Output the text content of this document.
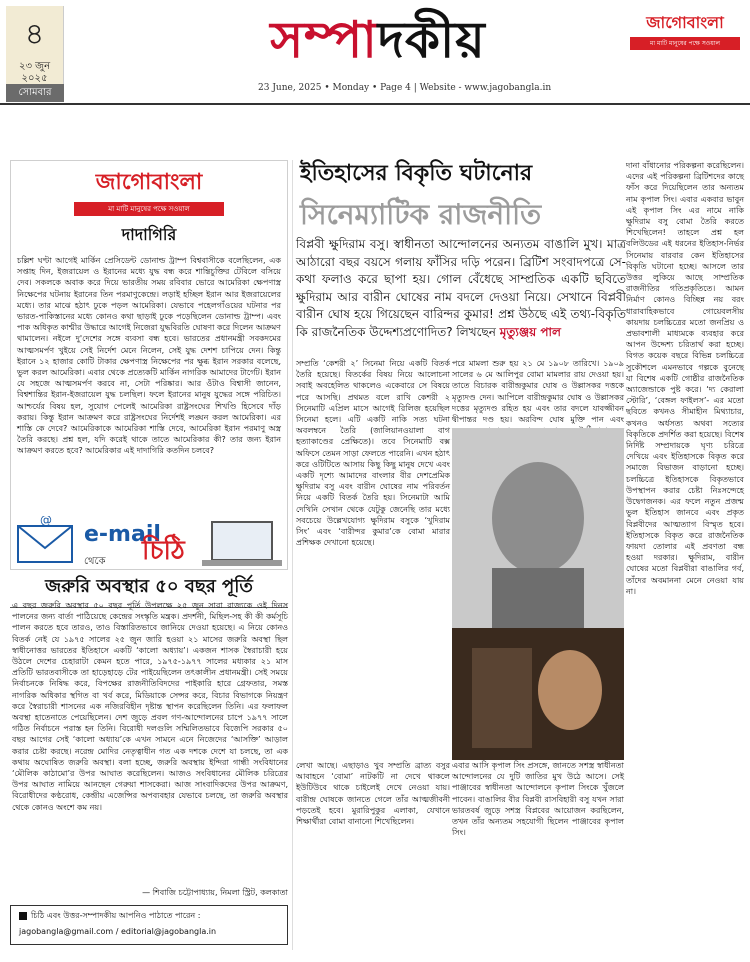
৪
২৩ জুন ২০২৫
সোমবার
সম্পাদকীয়	জাগোবাংলা
মা মাটি মানুষের পক্ষে সওয়াল
23 June, 2025 • Monday • Page 4 | Website - www.jagobangla.in
জাগোবাংলা
মা মাটি মানুষের পক্ষে সওয়াল
দাদাগিরি

চল্লিশ ঘণ্টা আগেই মার্কিন প্রেসিডেন্ট ডোনাল্ড ট্রাম্প বিশ্ববাসীকে বলেছিলেন, এক সপ্তাহ দিন, ইজরায়েল ও ইরানের মধ্যে যুদ্ধ বন্ধ করে শান্তিচুক্তির টেবিলে বসিয়ে দেব। সকলকে অবাক করে দিয়ে ভারতীয় সময় রবিবার ভোরে আমেরিকা ক্ষেপণাস্ত্র নিক্ষেপের ঘটনায় ইরানের তিন পরমাণুকেন্দ্রে। লড়াই হচ্ছিল ইরান আর ইজরায়েলের মধ্যে। তার মাঝে হঠাৎ ঢুকে পড়ল আমেরিকা। যেভাবে পহেলগাঁওয়ের ঘটনার পর ভারত-পাকিস্তানের মধ্যে কোনও কথা ছাড়াই ঢুকে পড়েছিলেন ডোনাল্ড ট্রাম্প। এবং পাক অধিকৃত কাশ্মীর উদ্ধারে আগেই নিজেরা যুদ্ধবিরতি ঘোষণা করে দিলেন আক্রমণ থামালেন। নইলে দু'দেশের সঙ্গে ব্যবসা বন্ধ হবে। ভারতের প্রধানমন্ত্রী সবকদমের আত্মসমর্পণ খুইয়ে সেই নির্দেশ মেনে নিলেন, সেই যুদ্ধ দেশশ চাপিয়ে দেন। কিন্তু ইরানে ১২ হাজার কোটি টাকার ক্ষেপণাস্ত্র নিক্ষেপের পর ক্ষুব্ধ ইরান সরকার বলেছে, ভুল করল আমেরিকা। এবার থেকে প্রত্যেকটি মার্কিন নাগরিক আমাদের টার্গেট। ইরান যে সহজে আত্মসমর্পণ করবে না, সেটা পরিষ্কার। আর ওঁটাও বিশ্বাসী জানেন, বিশ্বশান্তির ইরান-ইজরায়েল যুদ্ধ চলছিল। ফলে ইরানের মানুষ যুদ্ধের সঙ্গে পরিচিত। আশ্চর্যের বিষয় হল, সুযোগ পেলেই আমেরিকা রাষ্ট্রসংঘের শিখণ্ডি হিসেবে দাঁড় করায়। কিন্তু ইরান আক্রমণ করে রাষ্ট্রসংঘের নির্দেশই লঙ্ঘন করল আমেরিকা। এর শাস্তি কে দেবে? আমেরিকাকে আমেরিকা শাস্তি দেবে, আমেরিকা ইরান পরমাণু অস্ত্র তৈরি করছে। প্রশ্ন হল, যদি করেই থাকে তাতে আমেরিকার কী? তার জন্য ইরান আক্রমণ করতে হবে? আমেরিকার এই দাদাগিরি কতদিন চলবে?

@
e-mail
থেকে চিঠি
জরুরি অবস্থার ৫০ বছর পূর্তি

এ বছর জরুরি অবস্থার ৫০ বছর পূর্তি উপলক্ষে ২৫ জুন সারা রাজ্যকে ওই দিনস পালনের জন্য বার্তা পাঠিয়েছে কেন্দ্রের সংস্কৃতি মন্ত্রক। প্রদর্শনী, মিছিল-সহ কী কী কর্মসূচি পালন করতে হবে তারও, তাও বিস্তারিতভাবে জানিয়ে দেওয়া হয়েছে। এ নিয়ে কোনও বিতর্ক নেই যে ১৯৭৫ সালের ২৫ জুন জারি হওয়া ২১ মাসের জরুরি অবস্থা ছিল স্বাধীনোত্তর ভারতের ইতিহাসে একটি ‘কালো অধ্যায়’। একজন শাসক স্বৈরাচারী হয়ে উঠলে দেশের চেহারাটা কেমন হতে পারে, ১৯৭৫-১৯৭৭ সালের মধ্যকার ২১ মাস প্রতিটি ভারতবাসীকে তা হাড়েহাড়ে টের পাইয়েছিলেন তৎকালীন প্রধানমন্ত্রী। সেই সময়ে নির্বাচনকে নিষিদ্ধ করে, বিপক্ষের রাজনীতিবিদদের পাইকারি হারে গ্রেফতার, সমস্ত নাগরিক অধিকার স্থগিত বা খর্ব করে, মিডিয়াকে সেন্সর করে, বিচার বিভাগকে নিয়ন্ত্রণ করে স্বৈরাচারী শাসনের এক নজিরবিহীন দৃষ্টান্ত স্থাপন করেছিলেন তিনি। এর ফলাফল অবস্থা হাতেনাতে পেয়েছিলেন। দেশ জুড়ে প্রবল গণ-আন্দোলনের চাপে ১৯৭৭ সালে গঠিত নির্বাচনে পরাস্ত হন তিনি। বিরোধী দলগুলি সম্মিলিতভাবে বিজেপি সরকার ৫০ বছর আগের সেই ‘কালো অধ্যায়’কে এখন সামনে এনে নিজেদের ‘আসক্তি’ আড়াল করার চেষ্টা করছে। নরেন্দ্র মোদির নেতৃত্বাধীন গত এক দশকে দেশে যা চলছে, তা এক কথায় অঘোষিত জরুরি অবস্থা। বলা হচ্ছে, জরুরি অবস্থায় ইন্দিরা গান্ধী সংবিধানের ‘মৌলিক কাঠামো’র উপর আঘাত করেছিলেন। আজও সংবিধানের মৌলিক চরিত্রের উপর আঘাত নামিয়ে আনছেন গেরুয়া শাসকেরা। আজ সাংবাদিকদের উপর আক্রমণ, বিরোধীদের কণ্ঠরোধ, কেন্দ্রীয় এজেন্সির অপব্যবহার যেভাবে চলছে, তা জরুরি অবস্থার থেকে কোনও অংশে কম নয়।

— শিবাজি চট্টোপাধ্যায়, নিমলা স্ট্রিট, কলকাতা
চিঠি এবং উত্তর-সম্পাদকীয় আপনিও পাঠাতে পারেন :
jagobangla@gmail.com / editorial@jagobangla.in
ইতিহাসের বিকৃতি ঘটানোর
সিনেম্যাটিক রাজনীতি

বিপ্লবী ক্ষুদিরাম বসু। স্বাধীনতা আন্দোলনের অন্যতম বাঙালি মুখ। মাত্র আঠারো বছর বয়সে গলায় ফাঁসির দড়ি পরেন। ব্রিটিশ সংবাদপত্রে সে-কথা ফলাও করে ছাপা হয়। গোল বেঁধেছে সাম্প্রতিক একটি ছবিতে ক্ষুদিরাম আর বারীন ঘোষের নাম বদলে দেওয়া নিয়ে। সেখানে বিপ্লবী বারীন ঘোষ হয়ে গিয়েছেন বারিন্দর কুমার! প্রশ্ন উঠছে এই তথ্য-বিকৃতি কি রাজনৈতিক উদ্দেশ্যপ্রণোদিত? লিখছেন মৃত্যুঞ্জয় পাল

সম্প্রতি ‘কেশরী ২’ সিনেমা নিয়ে একটি বিতর্ক তৈরি হয়েছে। বিতর্কের বিষয় নিয়ে আলোচনা সবাই অবহেলিত থাকলেও একেবারে সে বিষয়ে পরে আসছি। প্রথমত বলে রাখি কেশরী ২ সিনেমাটি এপ্রিল মাসে আগেই রিলিজ হয়েছিল সিনেমা হলে। এটি একটি নাকি সত্য ঘটনা অবলম্বনে তৈরি (জালিয়ানওয়ালা বাগ হত্যাকাণ্ডের প্রেক্ষিতে)। তবে সিনেমাটি বক্স অফিসে তেমন সাড়া ফেলতে পারেনি। এখন হঠাৎ করে ওটিটিতে আসায় কিছু কিছু মানুষ দেখে এবং একটি দৃশ্যে আমাদের বাংলার বীর দেশপ্রেমিক ক্ষুদিরাম বসু এবং বারীন ঘোষের নাম পরিবর্তন নিয়ে একটি বিতর্ক তৈরি হয়। সিনেমাটা আমি দেখিনি সেখান থেকে যেটুকু জেনেছি তার মধ্যে সবচেয়ে উল্লেখযোগ্য ক্ষুদিরাম বসুকে ‘খুদিরাম সিং’ এবং ‘বারীন্দর কুমার’কে বোমা মারার প্রশিক্ষক দেখানো হয়েছে।

পরে মামলা শুরু হয় ২১ মে ১৯০৮ তারিখে। ১৯০৯ সালের ৬ মে আলিপুর বোমা মামলার রায় দেওয়া হয়। তাতে বিচারক বারীন্দ্রকুমার ঘোষ ও উল্লাসকর দত্তকে মৃত্যুদণ্ড দেন। আপিলে বারীন্দ্রকুমার ঘোষ ও উল্লাসকর দত্তের মৃত্যুদণ্ড রহিত হয় এবং তার বদলে যাবজ্জীবন দ্বীপান্তর দণ্ড হয়। অরবিন্দ ঘোষ মুক্তি পান এবং

লেখা আছে। এছাড়াও খুব সম্প্রতি ব্রাত্য বসুর আবাহনে ‘বোমা’ নাটকটি না দেখে থাকলে ইউটিউবে থাকে চাইলেই দেখে নেওয়া যায়। বারীন্দ্র ঘোষকে জানতে গেলে তাঁর আত্মজীবনী পড়তেই হবে। মুরারিপুকুর এলাকা, যেখানে শিক্ষার্থীরা বোমা বানানো শিখেছিলেন।

এবার আসি কৃপাল সিং প্রসঙ্গে, জানতে সশস্ত্র স্বাধীনতা আন্দোলনের যে দুটি জাতির মুখ উঠে আসে। সেই পাঞ্জাবের স্বাধীনতা আন্দোলনে কৃপাল সিংকে খুঁজলে পাবেন। বাঙালির বীর বিপ্লবী রাসবিহারী বসু যখন সারা ভারতবর্ষ জুড়ে সশস্ত্র বিপ্লবের আয়োজন করছিলেন, তখন তাঁর অন্যতম সহযোগী ছিলেন পাঞ্জাবের কৃপাল সিং।

দানা বাঁধানোর পরিকল্পনা করেছিলেন। এদের এই পরিকল্পনা ব্রিটিশদের কাছে ফাঁস করে দিয়েছিলেন তার অন্যতম নাম কৃপাল সিং। এবার একবার ভাবুন এই কৃপাল সিং এর নামে নাকি ক্ষুদিরাম বসু বোমা তৈরি করতে শিখেছিলেন! তাহলে প্রশ্ন হল বলিউডের এই ধরনের ইতিহাস-নির্ভর সিনেমায় বারবার কেন ইতিহাসের বিকৃতি ঘটানো হচ্ছে। আসলে তার উত্তর লুকিয়ে আছে সাম্প্রতিক রাজনীতির গতিপ্রকৃতিতে। আমন নির্মাণ কোনও বিচ্ছিন্ন নয় বরং ধারাবাহিকভাবে গোয়েবলসীয় কায়দায় চলচ্চিত্রের মতো জনপ্রিয় ও প্রভাবশালী মাধ্যমকে ব্যবহার করে আপন উদ্দেশ্য চরিতার্থ করা হচ্ছে। বিগত কয়েক বছরে বিভিন্ন চলচ্চিত্রে সুকৌশলে এমনভাবে গল্পকে বুনেছে যা বিশেষ একটি গোষ্ঠীর রাজনৈতিক অ্যাজেন্ডাকে পুষ্ট করে। ‘দ্য কেরালা স্টোরি’, ‘বেঙ্গল ফাইলস’- এর মতো ছবিতে কখনও সীমাহীন মিথ্যাচার, কখনও অর্ধসত্য অথবা সত্যের বিকৃতিকে প্রদর্শিত করা হয়েছে। বিশেষ নির্দিষ্ট সম্প্রদায়কে ঘৃণ্য চরিত্রে দেখিয়ে এবং ইতিহাসকে বিকৃত করে সমাজে বিভাজন বাড়ানো হচ্ছে। চলচ্চিত্রে ইতিহাসকে বিকৃতভাবে উপস্থাপন করার চেষ্টা নিঃসন্দেহে উদ্বেগজনক। এর ফলে নতুন প্রজন্ম ভুল ইতিহাস জানবে এবং প্রকৃত বিপ্লবীদের আত্মত্যাগ বিস্মৃত হবে। ইতিহাসকে বিকৃত করে রাজনৈতিক ফায়দা তোলার এই প্রবণতা বন্ধ হওয়া দরকার। ক্ষুদিরাম, বারীন ঘোষের মতো বিপ্লবীরা বাঙালির গর্ব, তাঁদের অবমাননা মেনে নেওয়া যায় না।
